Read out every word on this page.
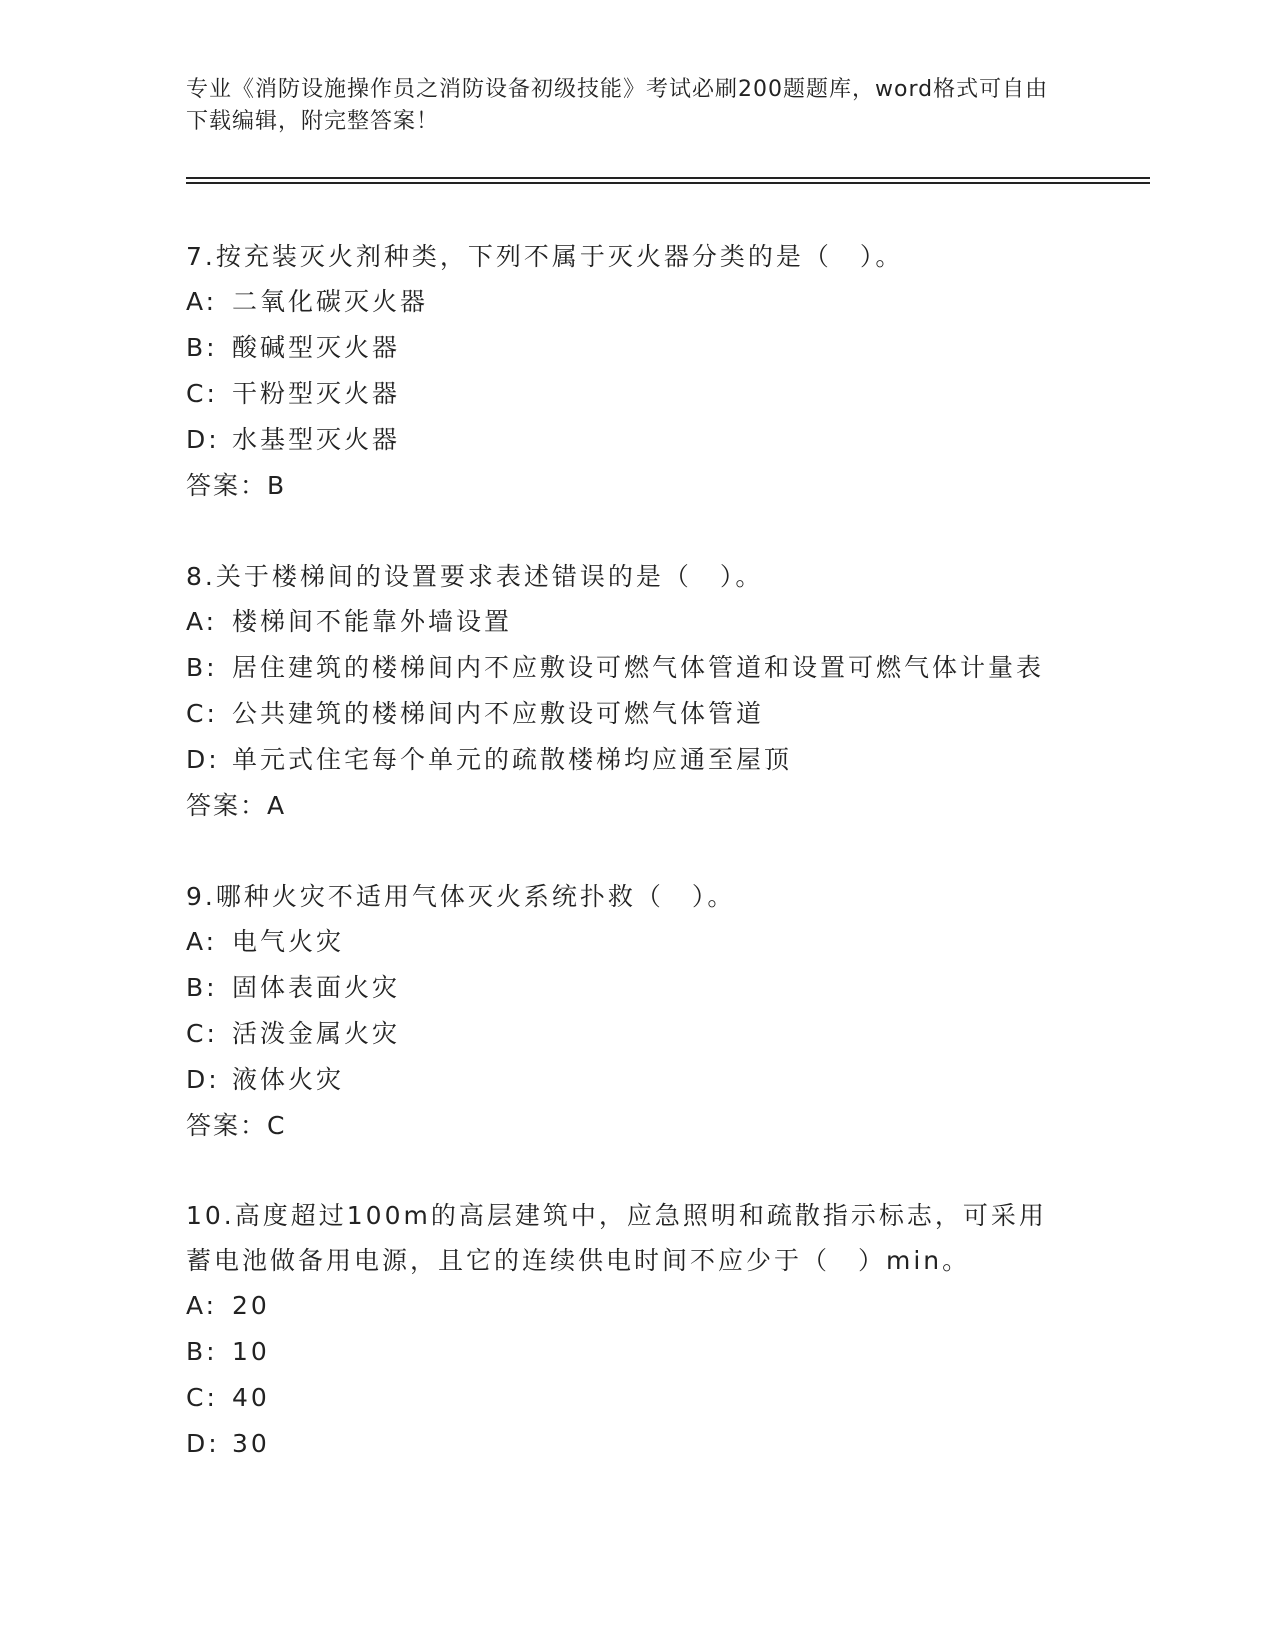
专业《消防设施操作员之消防设备初级技能》考试必刷200题题库，word格式可自由下载编辑，附完整答案！

7.按充装灭火剂种类，下列不属于灭火器分类的是（　）。

A: 二氧化碳灭火器

B: 酸碱型灭火器

C: 干粉型灭火器

D: 水基型灭火器

答案：B

8.关于楼梯间的设置要求表述错误的是（　）。

A: 楼梯间不能靠外墙设置

B: 居住建筑的楼梯间内不应敷设可燃气体管道和设置可燃气体计量表

C: 公共建筑的楼梯间内不应敷设可燃气体管道

D: 单元式住宅每个单元的疏散楼梯均应通至屋顶

答案：A

9.哪种火灾不适用气体灭火系统扑救（　）。

A: 电气火灾

B: 固体表面火灾

C: 活泼金属火灾

D: 液体火灾

答案：C

10.高度超过100m的高层建筑中，应急照明和疏散指示标志，可采用蓄电池做备用电源，且它的连续供电时间不应少于（　）min。

A: 20

B: 10

C: 40

D: 30
